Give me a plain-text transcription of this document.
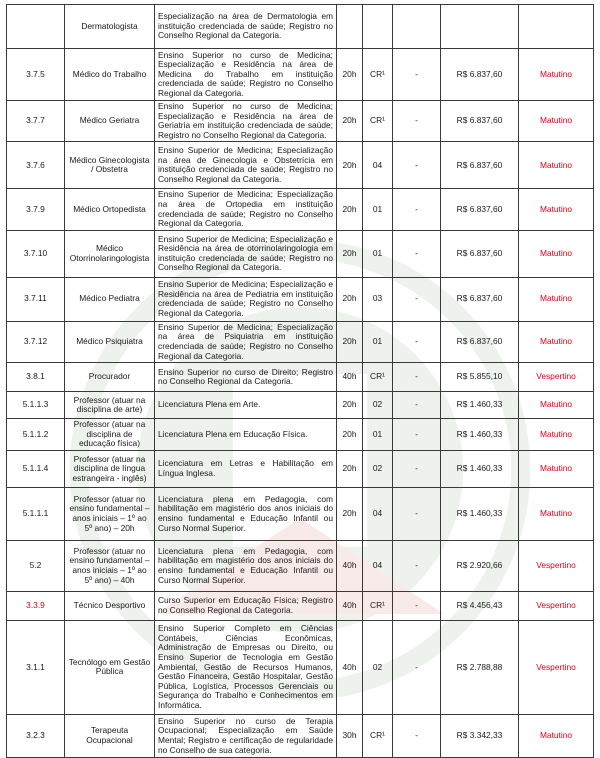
	Dermatologista	Especialização na área de Dermatologia em instituição credenciada de saúde; Registro no Conselho Regional da Categoria.					
3.7.5	Médico do Trabalho	Ensino Superior no curso de Medicina; Especialização e Residência na área de Medicina do Trabalho em instituição credenciada de saúde; Registro no Conselho Regional da Categoria.	20h	CR¹	-	R$ 6.837,60	Matutino
3.7.7	Médico Geriatra	Ensino Superior no curso de Medicina; Especialização e Residência na área de Geriatria em instituição credenciada de saúde; Registro no Conselho Regional da Categoria.	20h	CR¹	-	R$ 6.837,60	Matutino
3.7.6	Médico Ginecologista / Obstetra	Ensino Superior de Medicina; Especialização na área de Ginecologia e Obstetrícia em instituição credenciada de saúde; Registro no Conselho Regional da Categoria.	20h	04	-	R$ 6.837,60	Matutino
3.7.9	Médico Ortopedista	Ensino Superior de Medicina; Especialização na área de Ortopedia em instituição credenciada de saúde; Registro no Conselho Regional da Categoria.	20h	01	-	R$ 6.837,60	Matutino
3.7.10	Médico Otorrinolaringologista	Ensino Superior de Medicina; Especialização e Residência na área de otorrinolaringologia em instituição credenciada de saúde; Registro no Conselho Regional da Categoria.	20h	01	-	R$ 6.837,60	Matutino
3.7.11	Médico Pediatra	Ensino Superior de Medicina; Especialização e Residência na área de Pediatria em instituição credenciada de saúde; Registro no Conselho Regional da Categoria.	20h	03	-	R$ 6.837,60	Matutino
3.7.12	Médico Psiquiatra	Ensino Superior de Medicina; Especialização na área de Psiquiatria em instituição credenciada de saúde; Registro no Conselho Regional da Categoria.	20h	01	-	R$ 6.837,60	Matutino
3.8.1	Procurador	Ensino Superior no curso de Direito; Registro no Conselho Regional da Categoria.	40h	CR¹	-	R$ 5.855,10	Vespertino
5.1.1.3	Professor (atuar na disciplina de arte)	Licenciatura Plena em Arte.	20h	02	-	R$ 1.460,33	Matutino
5.1.1.2	Professor (atuar na disciplina de educação física)	Licenciatura Plena em Educação Física.	20h	01	-	R$ 1.460,33	Matutino
5.1.1.4	Professor (atuar na disciplina de língua estrangeira - inglês)	Licenciatura em Letras e Habilitação em Língua Inglesa.	20h	02	-	R$ 1.460,33	Matutino
5.1.1.1	Professor (atuar no ensino fundamental – anos iniciais – 1º ao 5º ano) – 20h	Licenciatura plena em Pedagogia, com habilitação em magistério dos anos iniciais do ensino fundamental e Educação Infantil ou Curso Normal Superior.	20h	04	-	R$ 1.460,33	Matutino
5.2	Professor (atuar no ensino fundamental – anos iniciais – 1º ao 5º ano) – 40h	Licenciatura plena em Pedagogia, com habilitação em magistério dos anos iniciais do ensino fundamental e Educação Infantil ou Curso Normal Superior.	40h	04	-	R$ 2.920,66	Vespertino
3.3.9	Técnico Desportivo	Curso Superior em Educação Física; Registro no Conselho Regional da Categoria.	40h	CR¹	-	R$ 4.456,43	Vespertino
3.1.1	Tecnólogo em Gestão Pública	Ensino Superior Completo em Ciências Contábeis, Ciências Econômicas, Administração de Empresas ou Direito, ou Ensino Superior de Tecnologia em Gestão Ambiental, Gestão de Recursos Humanos, Gestão Financeira, Gestão Hospitalar, Gestão Pública, Logística, Processos Gerenciais ou Segurança do Trabalho e Conhecimentos em Informática.	40h	02	-	R$ 2.788,88	Vespertino
3.2.3	Terapeuta Ocupacional	Ensino Superior no curso de Terapia Ocupacional; Especialização em Saúde Mental; Registro e certificação de regularidade no Conselho de sua categoria.	30h	CR¹	-	R$ 3.342,33	Matutino
